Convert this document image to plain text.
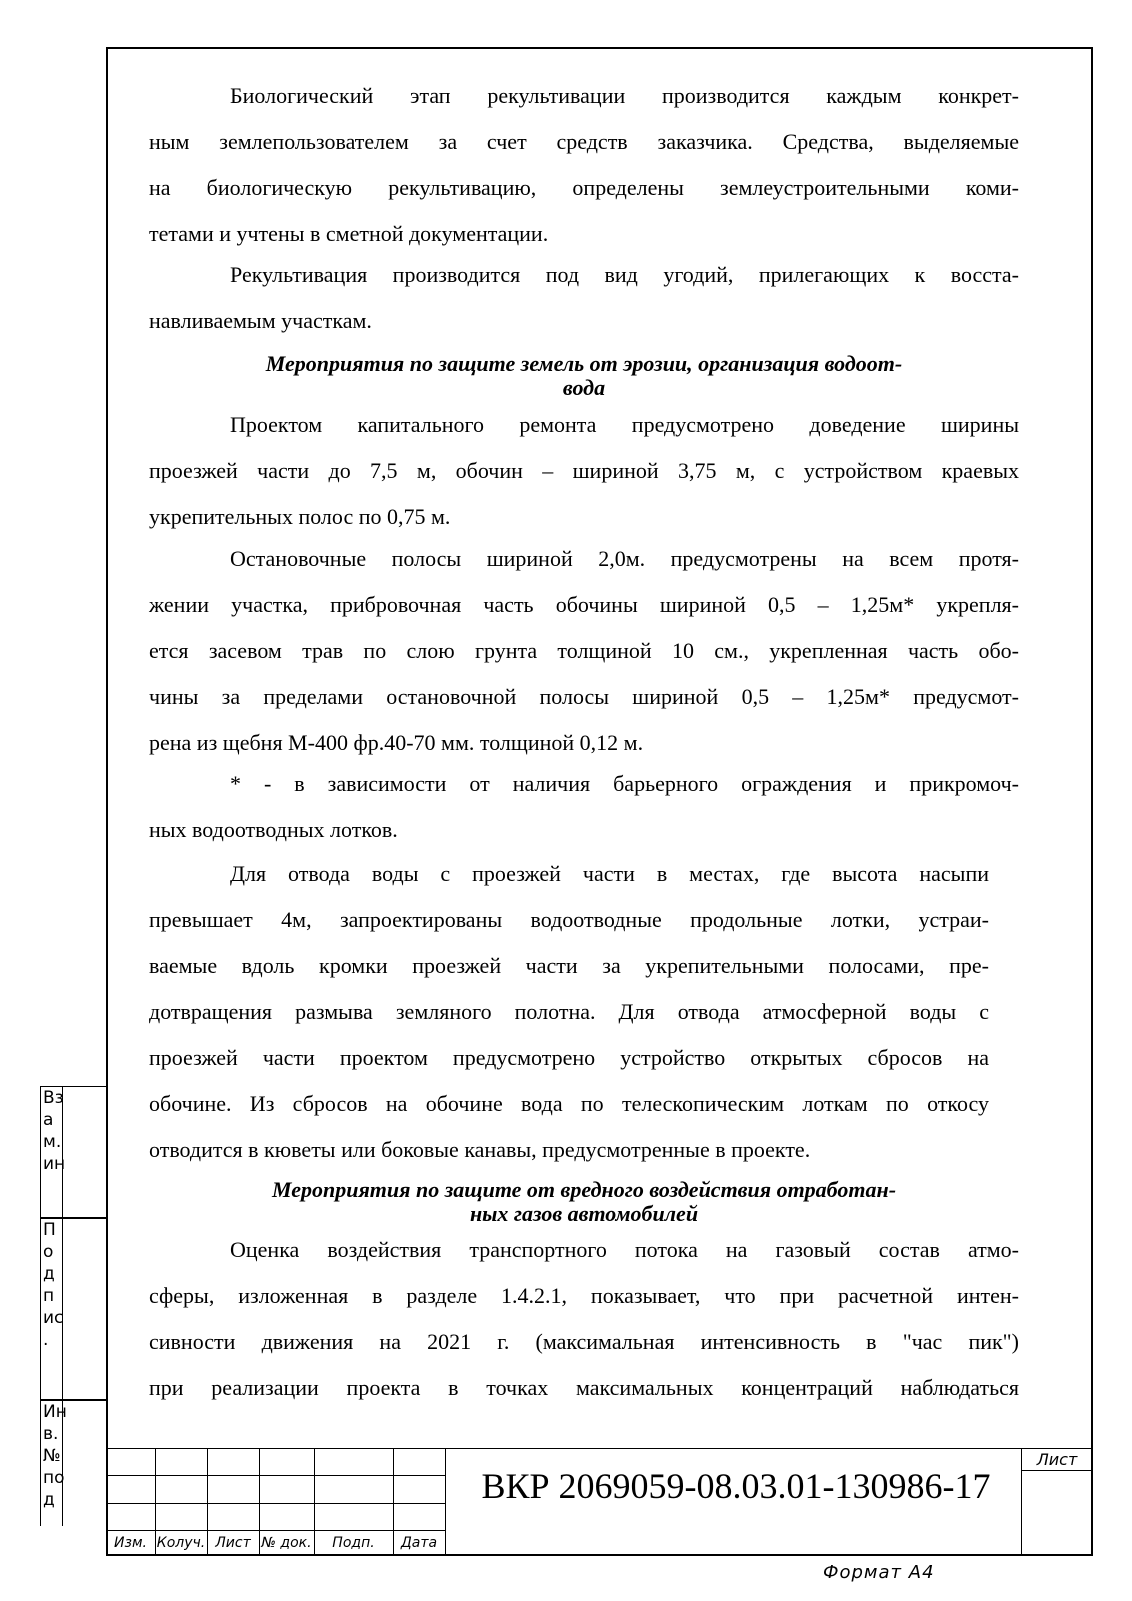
Биологический этап рекультивации производится каждым конкрет-
ным землепользователем за счет средств заказчика. Средства, выделяемые
на биологическую рекультивацию, определены землеустроительными коми-
тетами и учтены в сметной документации.
Рекультивация производится под вид угодий, прилегающих к восста-
навливаемым участкам.
Мероприятия по защите земель от эрозии, организация водоот-
вода
Проектом капитального ремонта предусмотрено доведение ширины
проезжей части до 7,5 м, обочин – шириной 3,75 м, с устройством краевых
укрепительных полос по 0,75 м.
Остановочные полосы шириной 2,0м. предусмотрены на всем протя-
жении участка, прибровочная часть обочины шириной 0,5 – 1,25м* укрепля-
ется засевом трав по слою грунта толщиной 10 см., укрепленная часть обо-
чины за пределами остановочной полосы шириной 0,5 – 1,25м* предусмот-
рена из щебня М-400 фр.40-70 мм. толщиной 0,12 м.
* - в зависимости от наличия барьерного ограждения и прикромоч-
ных водоотводных лотков.
Для отвода воды с проезжей части в местах, где высота насыпи
превышает 4м, запроектированы водоотводные продольные лотки, устраи-
ваемые вдоль кромки проезжей части за укрепительными полосами, пре-
дотвращения размыва земляного полотна. Для отвода атмосферной воды с
проезжей части проектом предусмотрено устройство открытых сбросов на
обочине. Из сбросов на обочине вода по телескопическим лоткам по откосу
отводится в кюветы или боковые канавы, предусмотренные в проекте.
Мероприятия по защите от вредного воздействия отработан-
ных газов автомобилей
Оценка воздействия транспортного потока на газовый состав атмо-
сферы, изложенная в разделе 1.4.2.1, показывает, что при расчетной интен-
сивности движения на 2021 г. (максимальная интенсивность в "час пик")
при реализации проекта в точках максимальных концентраций наблюдаться
Вз
а
м.
ин
П
о
д
п
ис
.
Ин
в.
№
по
д
Изм. Колуч. Лист № док.	Подп.	Дата
ВКР 2069059-08.03.01-130986-17
Лист
Формат А4
